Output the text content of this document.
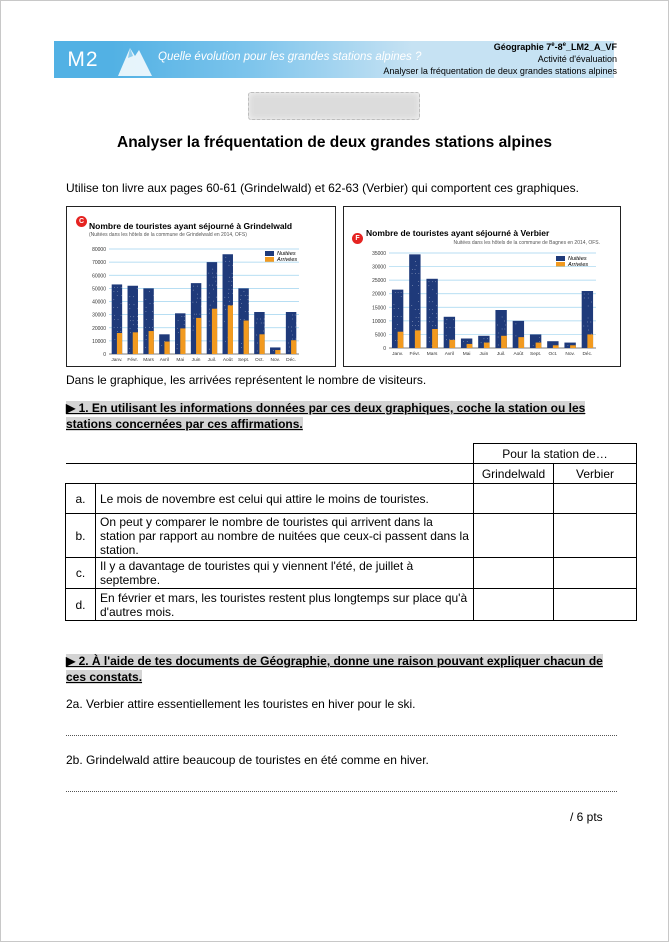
M2	Quelle évolution pour les grandes stations alpines ?
Géographie 7e-8e_LM2_A_VF
Activité d'évaluation
Analyser la fréquentation de deux grandes stations alpines
Analyser la fréquentation de deux grandes stations alpines
Utilise ton livre aux pages 60-61 (Grindelwald) et 62-63 (Verbier) qui comportent ces graphiques.
C Nombre de touristes ayant séjourné à Grindelwald
(Nuitées dans les hôtels de la commune de Grindelwald en 2014, OFS)
Nuitées
Arrivées
0
10000
20000
30000
40000
50000
60000
70000
80000
Janv. Févr. Mars Avril Mai Juin Juil. Août Sept. Oct. Nov. Déc.
F
Nombre de touristes ayant séjourné à Verbier
Nuitées dans les hôtels de la commune de Bagnes en 2014, OFS.
Nuitées
Arrivées
0
5000
10000
15000
20000
25000
30000
35000
Janv. Févr. Mars Avril Mai Juin Juil. Août Sept. Oct. Nov. Déc.
Dans le graphique, les arrivées représentent le nombre de visiteurs.
▶ 1. En utilisant les informations données par ces deux graphiques, coche la station ou les stations concernées par ces affirmations.
		Pour la station de…	
		Grindelwald	Verbier
a.	Le mois de novembre est celui qui attire le moins de touristes.		
b.	On peut y comparer le nombre de touristes qui arrivent dans la station par rapport au nombre de nuitées que ceux-ci passent dans la station.		
c.	Il y a davantage de touristes qui y viennent l'été, de juillet à septembre.		
d.	En février et mars, les touristes restent plus longtemps sur place qu'à d'autres mois.		
▶ 2. À l'aide de tes documents de Géographie, donne une raison pouvant expliquer chacun de ces constats.
2a. Verbier attire essentiellement les touristes en hiver pour le ski.
2b. Grindelwald attire beaucoup de touristes en été comme en hiver.
/ 6 pts
